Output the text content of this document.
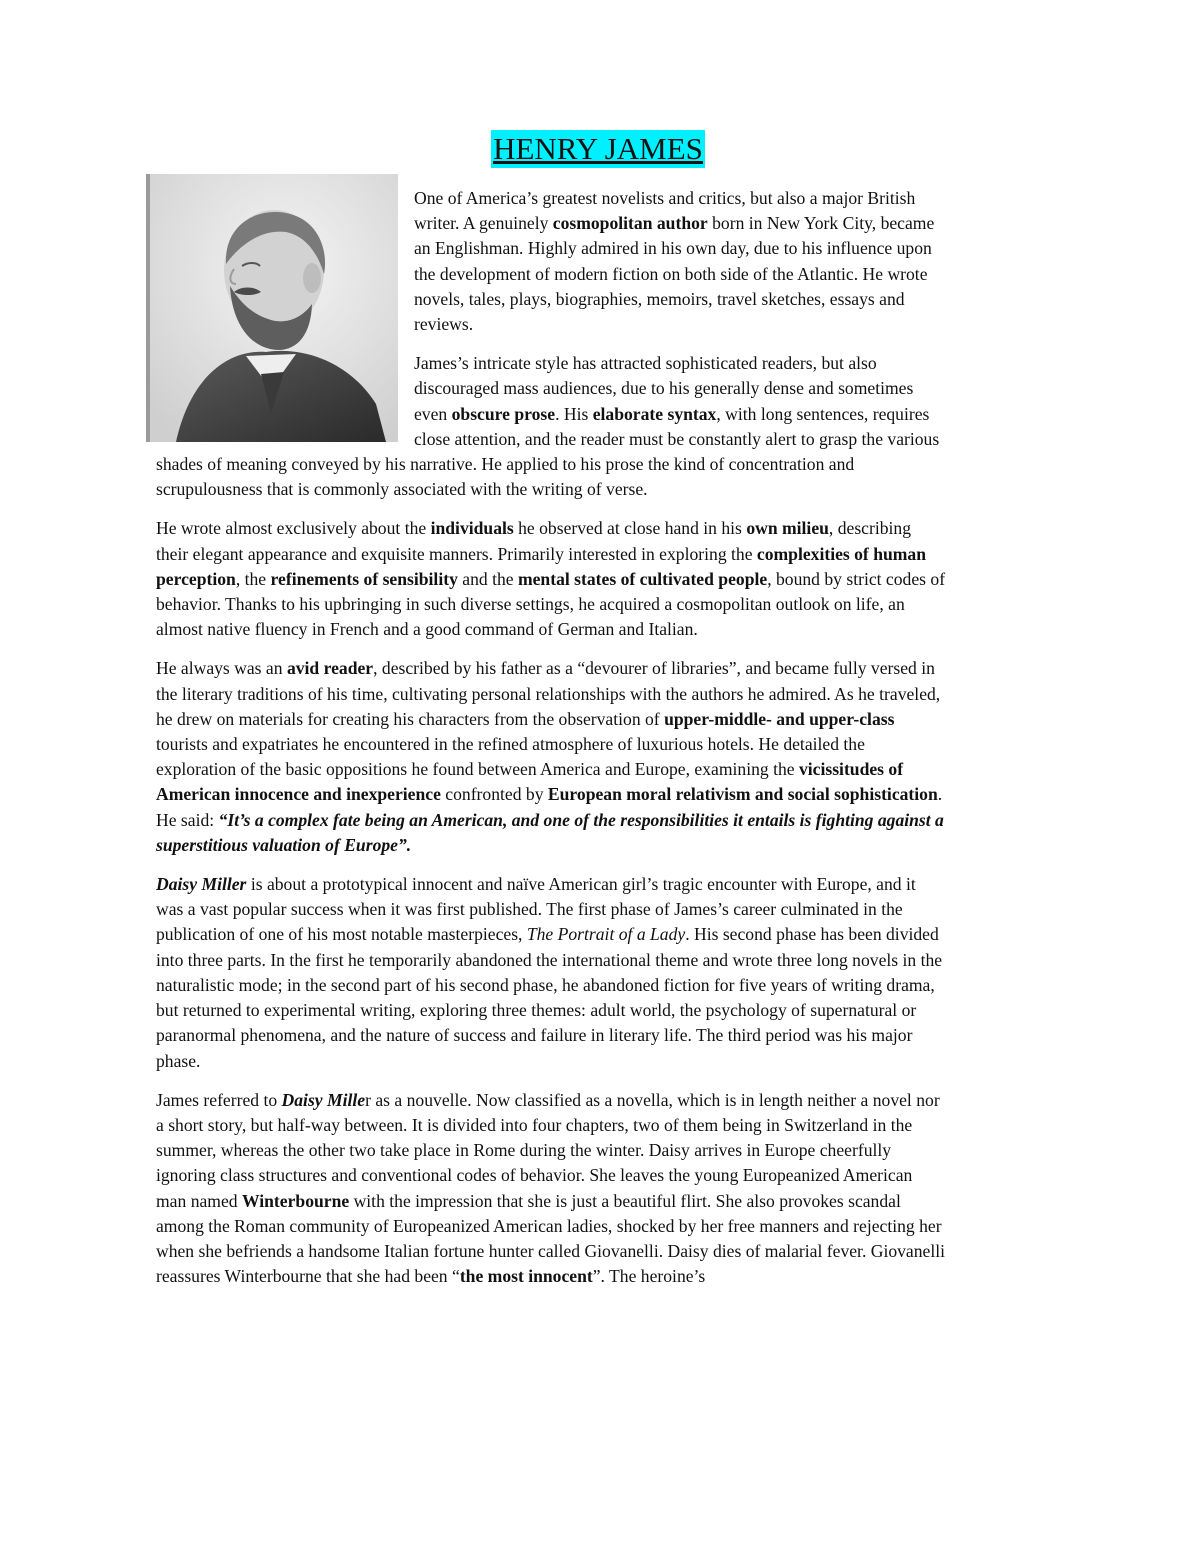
HENRY JAMES

One of America’s greatest novelists and critics, but also a major British writer. A genuinely cosmopolitan author born in New York City, became an Englishman. Highly admired in his own day, due to his influence upon the development of modern fiction on both side of the Atlantic. He wrote novels, tales, plays, biographies, memoirs, travel sketches, essays and reviews.

James’s intricate style has attracted sophisticated readers, but also discouraged mass audiences, due to his generally dense and sometimes even obscure prose. His elaborate syntax, with long sentences, requires close attention, and the reader must be constantly alert to grasp the various shades of meaning conveyed by his narrative. He applied to his prose the kind of concentration and scrupulousness that is commonly associated with the writing of verse.

He wrote almost exclusively about the individuals he observed at close hand in his own milieu, describing their elegant appearance and exquisite manners. Primarily interested in exploring the complexities of human perception, the refinements of sensibility and the mental states of cultivated people, bound by strict codes of behavior. Thanks to his upbringing in such diverse settings, he acquired a cosmopolitan outlook on life, an almost native fluency in French and a good command of German and Italian.

He always was an avid reader, described by his father as a “devourer of libraries”, and became fully versed in the literary traditions of his time, cultivating personal relationships with the authors he admired. As he traveled, he drew on materials for creating his characters from the observation of upper-middle- and upper-class tourists and expatriates he encountered in the refined atmosphere of luxurious hotels. He detailed the exploration of the basic oppositions he found between America and Europe, examining the vicissitudes of American innocence and inexperience confronted by European moral relativism and social sophistication. He said: “It’s a complex fate being an American, and one of the responsibilities it entails is fighting against a superstitious valuation of Europe”.

Daisy Miller is about a prototypical innocent and naïve American girl’s tragic encounter with Europe, and it was a vast popular success when it was first published. The first phase of James’s career culminated in the publication of one of his most notable masterpieces, The Portrait of a Lady. His second phase has been divided into three parts. In the first he temporarily abandoned the international theme and wrote three long novels in the naturalistic mode; in the second part of his second phase, he abandoned fiction for five years of writing drama, but returned to experimental writing, exploring three themes: adult world, the psychology of supernatural or paranormal phenomena, and the nature of success and failure in literary life. The third period was his major phase.

James referred to Daisy Miller as a nouvelle. Now classified as a novella, which is in length neither a novel nor a short story, but half-way between. It is divided into four chapters, two of them being in Switzerland in the summer, whereas the other two take place in Rome during the winter. Daisy arrives in Europe cheerfully ignoring class structures and conventional codes of behavior. She leaves the young Europeanized American man named Winterbourne with the impression that she is just a beautiful flirt. She also provokes scandal among the Roman community of Europeanized American ladies, shocked by her free manners and rejecting her when she befriends a handsome Italian fortune hunter called Giovanelli. Daisy dies of malarial fever. Giovanelli reassures Winterbourne that she had been “the most innocent”. The heroine’s
